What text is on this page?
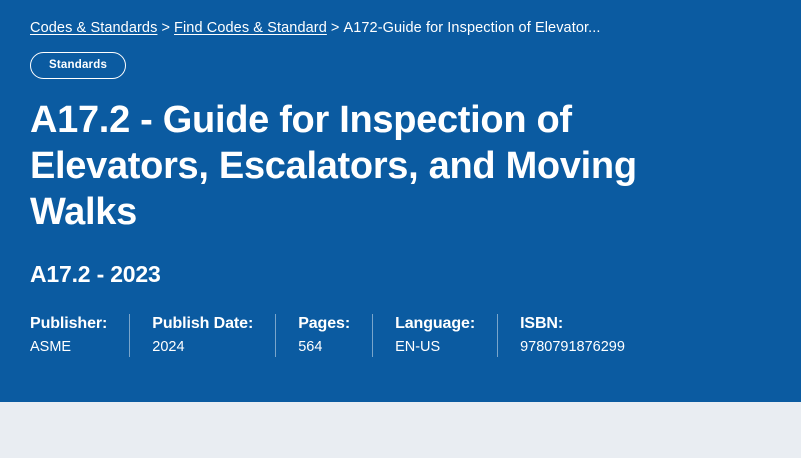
Codes & Standards > Find Codes & Standard > A172-Guide for Inspection of Elevator...
Standards
A17.2 - Guide for Inspection of Elevators, Escalators, and Moving Walks
A17.2 - 2023
Publisher:
ASME
Publish Date:
2024
Pages:
564
Language:
EN-US
ISBN:
9780791876299
